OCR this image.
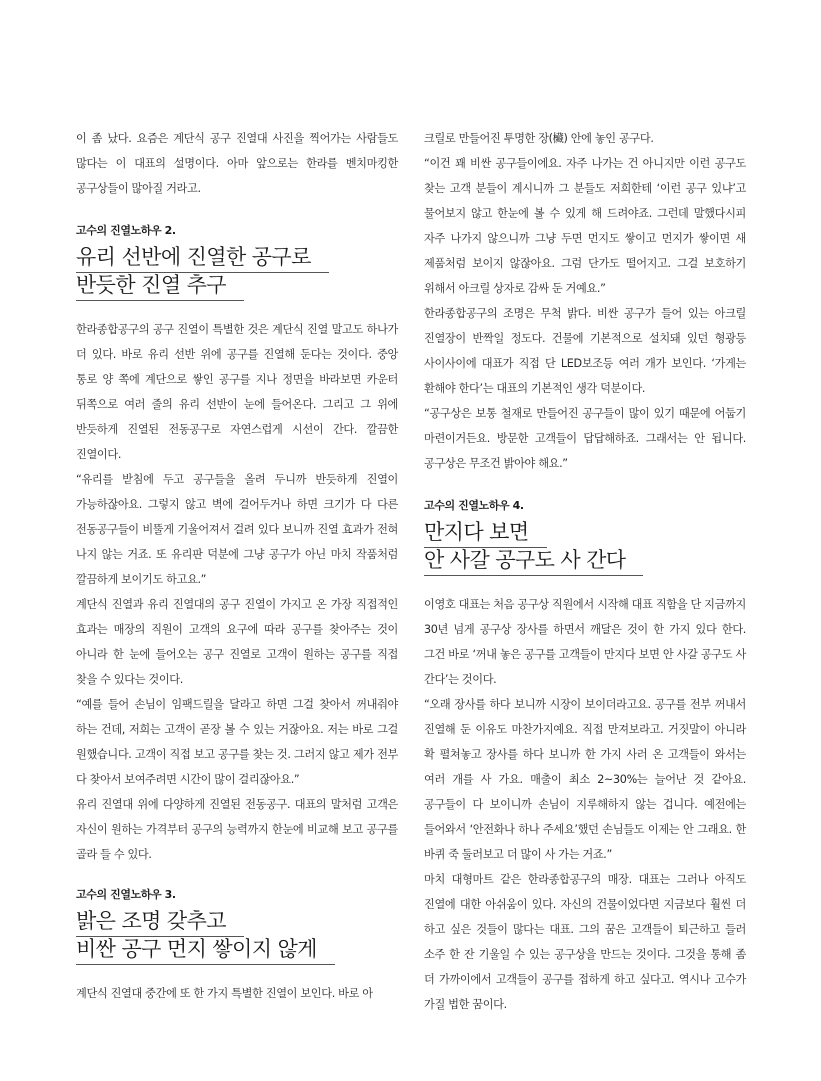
이 좀 났다. 요즘은 계단식 공구 진열대 사진을 찍어가는 사람들도 많다는 이 대표의 설명이다. 아마 앞으로는 한라를 벤치마킹한 공구상들이 많아질 거라고.

고수의 진열노하우 2.
유리 선반에 진열한 공구로
반듯한 진열 추구

한라종합공구의 공구 진열이 특별한 것은 계단식 진열 말고도 하나가 더 있다. 바로 유리 선반 위에 공구를 진열해 둔다는 것이다. 중앙 통로 양 쪽에 계단으로 쌓인 공구를 지나 정면을 바라보면 카운터 뒤쪽으로 여러 줄의 유리 선반이 눈에 들어온다. 그리고 그 위에 반듯하게 진열된 전동공구로 자연스럽게 시선이 간다. 깔끔한 진열이다.

“유리를 받침에 두고 공구들을 올려 두니까 반듯하게 진열이 가능하잖아요. 그렇지 않고 벽에 걸어두거나 하면 크기가 다 다른 전동공구들이 비뚤게 기울어져서 걸려 있다 보니까 진열 효과가 전혀 나지 않는 거죠. 또 유리판 덕분에 그냥 공구가 아닌 마치 작품처럼 깔끔하게 보이기도 하고요.”

계단식 진열과 유리 진열대의 공구 진열이 가지고 온 가장 직접적인 효과는 매장의 직원이 고객의 요구에 따라 공구를 찾아주는 것이 아니라 한 눈에 들어오는 공구 진열로 고객이 원하는 공구를 직접 찾을 수 있다는 것이다.

“예를 들어 손님이 임팩드릴을 달라고 하면 그걸 찾아서 꺼내줘야 하는 건데, 저희는 고객이 곧장 볼 수 있는 거잖아요. 저는 바로 그걸 원했습니다. 고객이 직접 보고 공구를 찾는 것. 그러지 않고 제가 전부 다 찾아서 보여주려면 시간이 많이 걸리잖아요.”

유리 진열대 위에 다양하게 진열된 전동공구. 대표의 말처럼 고객은 자신이 원하는 가격부터 공구의 능력까지 한눈에 비교해 보고 공구를 골라 들 수 있다.

고수의 진열노하우 3.
밝은 조명 갖추고
비싼 공구 먼지 쌓이지 않게

계단식 진열대 중간에 또 한 가지 특별한 진열이 보인다. 바로 아

크릴로 만들어진 투명한 장(欌) 안에 놓인 공구다.

“이건 꽤 비싼 공구들이에요. 자주 나가는 건 아니지만 이런 공구도 찾는 고객 분들이 계시니까 그 분들도 저희한테 ‘이런 공구 있냐’고 물어보지 않고 한눈에 볼 수 있게 해 드려야죠. 그런데 말했다시피 자주 나가지 않으니까 그냥 두면 먼지도 쌓이고 먼지가 쌓이면 새 제품처럼 보이지 않잖아요. 그럼 단가도 떨어지고. 그걸 보호하기 위해서 아크릴 상자로 감싸 둔 거예요.”

한라종합공구의 조명은 무척 밝다. 비싼 공구가 들어 있는 아크릴 진열장이 반짝일 정도다. 건물에 기본적으로 설치돼 있던 형광등 사이사이에 대표가 직접 단 LED보조등 여러 개가 보인다. ‘가게는 환해야 한다’는 대표의 기본적인 생각 덕분이다.

“공구상은 보통 철재로 만들어진 공구들이 많이 있기 때문에 어둡기 마련이거든요. 방문한 고객들이 답답해하죠. 그래서는 안 됩니다. 공구상은 무조건 밝아야 해요.”

고수의 진열노하우 4.
만지다 보면
안 사갈 공구도 사 간다

이영호 대표는 처음 공구상 직원에서 시작해 대표 직함을 단 지금까지 30년 넘게 공구상 장사를 하면서 깨달은 것이 한 가지 있다 한다. 그건 바로 ‘꺼내 놓은 공구를 고객들이 만지다 보면 안 사갈 공구도 사 간다’는 것이다.

“오래 장사를 하다 보니까 시장이 보이더라고요. 공구를 전부 꺼내서 진열해 둔 이유도 마찬가지예요. 직접 만져보라고. 거짓말이 아니라 확 펼쳐놓고 장사를 하다 보니까 한 가지 사러 온 고객들이 와서는 여러 개를 사 가요. 매출이 최소 2~30%는 늘어난 것 같아요. 공구들이 다 보이니까 손님이 지루해하지 않는 겁니다. 예전에는 들어와서 ‘안전화나 하나 주세요’했던 손님들도 이제는 안 그래요. 한 바퀴 죽 둘러보고 더 많이 사 가는 거죠.”

마치 대형마트 같은 한라종합공구의 매장. 대표는 그러나 아직도 진열에 대한 아쉬움이 있다. 자신의 건물이었다면 지금보다 훨씬 더 하고 싶은 것들이 많다는 대표. 그의 꿈은 고객들이 퇴근하고 들러 소주 한 잔 기울일 수 있는 공구상을 만드는 것이다. 그것을 통해 좀 더 가까이에서 고객들이 공구를 접하게 하고 싶다고. 역시나 고수가 가질 법한 꿈이다.
